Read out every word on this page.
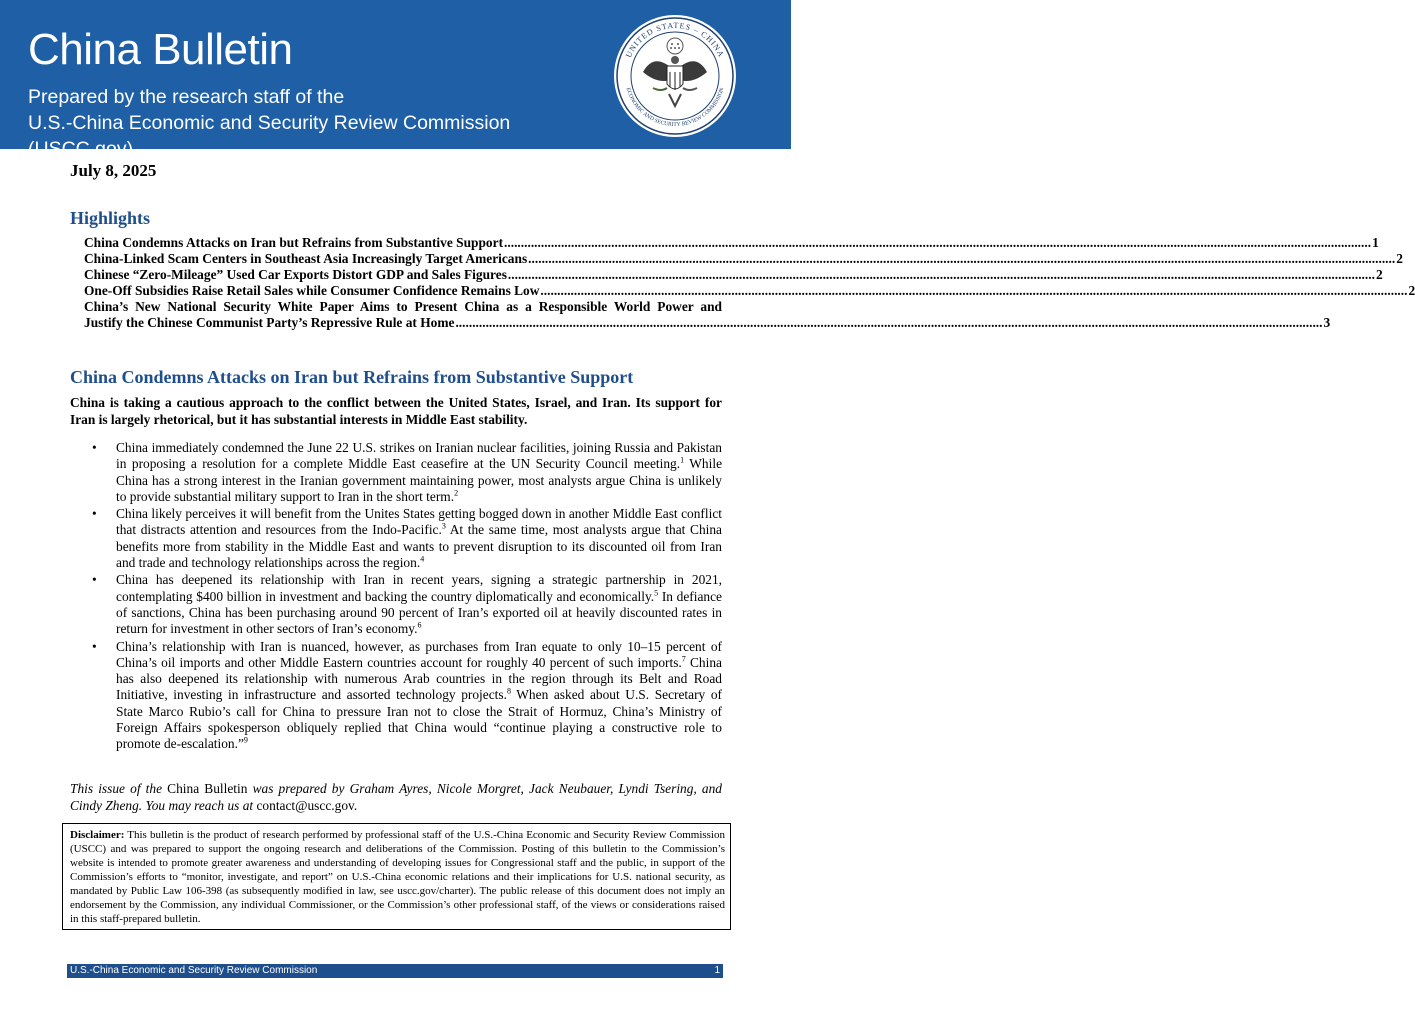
China Bulletin
Prepared by the research staff of the
U.S.-China Economic and Security Review Commission (USCC.gov)
UNITED STATES – CHINA
ECONOMIC AND SECURITY REVIEW COMMISSION
July 8, 2025
Highlights
China Condemns Attacks on Iran but Refrains from Substantive Support .....	1
China-Linked Scam Centers in Southeast Asia Increasingly Target Americans .....	2
Chinese “Zero-Mileage” Used Car Exports Distort GDP and Sales Figures .....	2
One-Off Subsidies Raise Retail Sales while Consumer Confidence Remains Low .....	2
China’s New National Security White Paper Aims to Present China as a Responsible World Power and
Justify the Chinese Communist Party’s Repressive Rule at Home .....	3
China Condemns Attacks on Iran but Refrains from Substantive Support

China is taking a cautious approach to the conflict between the United States, Israel, and Iran. Its support for Iran is largely rhetorical, but it has substantial interests in Middle East stability.

• China immediately condemned the June 22 U.S. strikes on Iranian nuclear facilities, joining Russia and Pakistan in proposing a resolution for a complete Middle East ceasefire at the UN Security Council meeting.$^1$ While China has a strong interest in the Iranian government maintaining power, most analysts argue China is unlikely to provide substantial military support to Iran in the short term.$^2$
• China likely perceives it will benefit from the Unites States getting bogged down in another Middle East conflict that distracts attention and resources from the Indo-Pacific.$^3$ At the same time, most analysts argue that China benefits more from stability in the Middle East and wants to prevent disruption to its discounted oil from Iran and trade and technology relationships across the region.$^4$
• China has deepened its relationship with Iran in recent years, signing a strategic partnership in 2021, contemplating $400 billion in investment and backing the country diplomatically and economically.$^5$ In defiance of sanctions, China has been purchasing around 90 percent of Iran’s exported oil at heavily discounted rates in return for investment in other sectors of Iran’s economy.$^6$
• China’s relationship with Iran is nuanced, however, as purchases from Iran equate to only 10–15 percent of China’s oil imports and other Middle Eastern countries account for roughly 40 percent of such imports.$^7$ China has also deepened its relationship with numerous Arab countries in the region through its Belt and Road Initiative, investing in infrastructure and assorted technology projects.$^8$ When asked about U.S. Secretary of State Marco Rubio’s call for China to pressure Iran not to close the Strait of Hormuz, China’s Ministry of Foreign Affairs spokesperson obliquely replied that China would “continue playing a constructive role to promote de-escalation.”$^9$

This issue of the China Bulletin was prepared by Graham Ayres, Nicole Morgret, Jack Neubauer, Lyndi Tsering, and Cindy Zheng. You may reach us at contact@uscc.gov.

Disclaimer: This bulletin is the product of research performed by professional staff of the U.S.-China Economic and Security Review Commission (USCC) and was prepared to support the ongoing research and deliberations of the Commission. Posting of this bulletin to the Commission’s website is intended to promote greater awareness and understanding of developing issues for Congressional staff and the public, in support of the Commission’s efforts to “monitor, investigate, and report” on U.S.-China economic relations and their implications for U.S. national security, as mandated by Public Law 106-398 (as subsequently modified in law, see uscc.gov/charter). The public release of this document does not imply an endorsement by the Commission, any individual Commissioner, or the Commission’s other professional staff, of the views or considerations raised in this staff-prepared bulletin.
U.S.-China Economic and Security Review Commission	1
